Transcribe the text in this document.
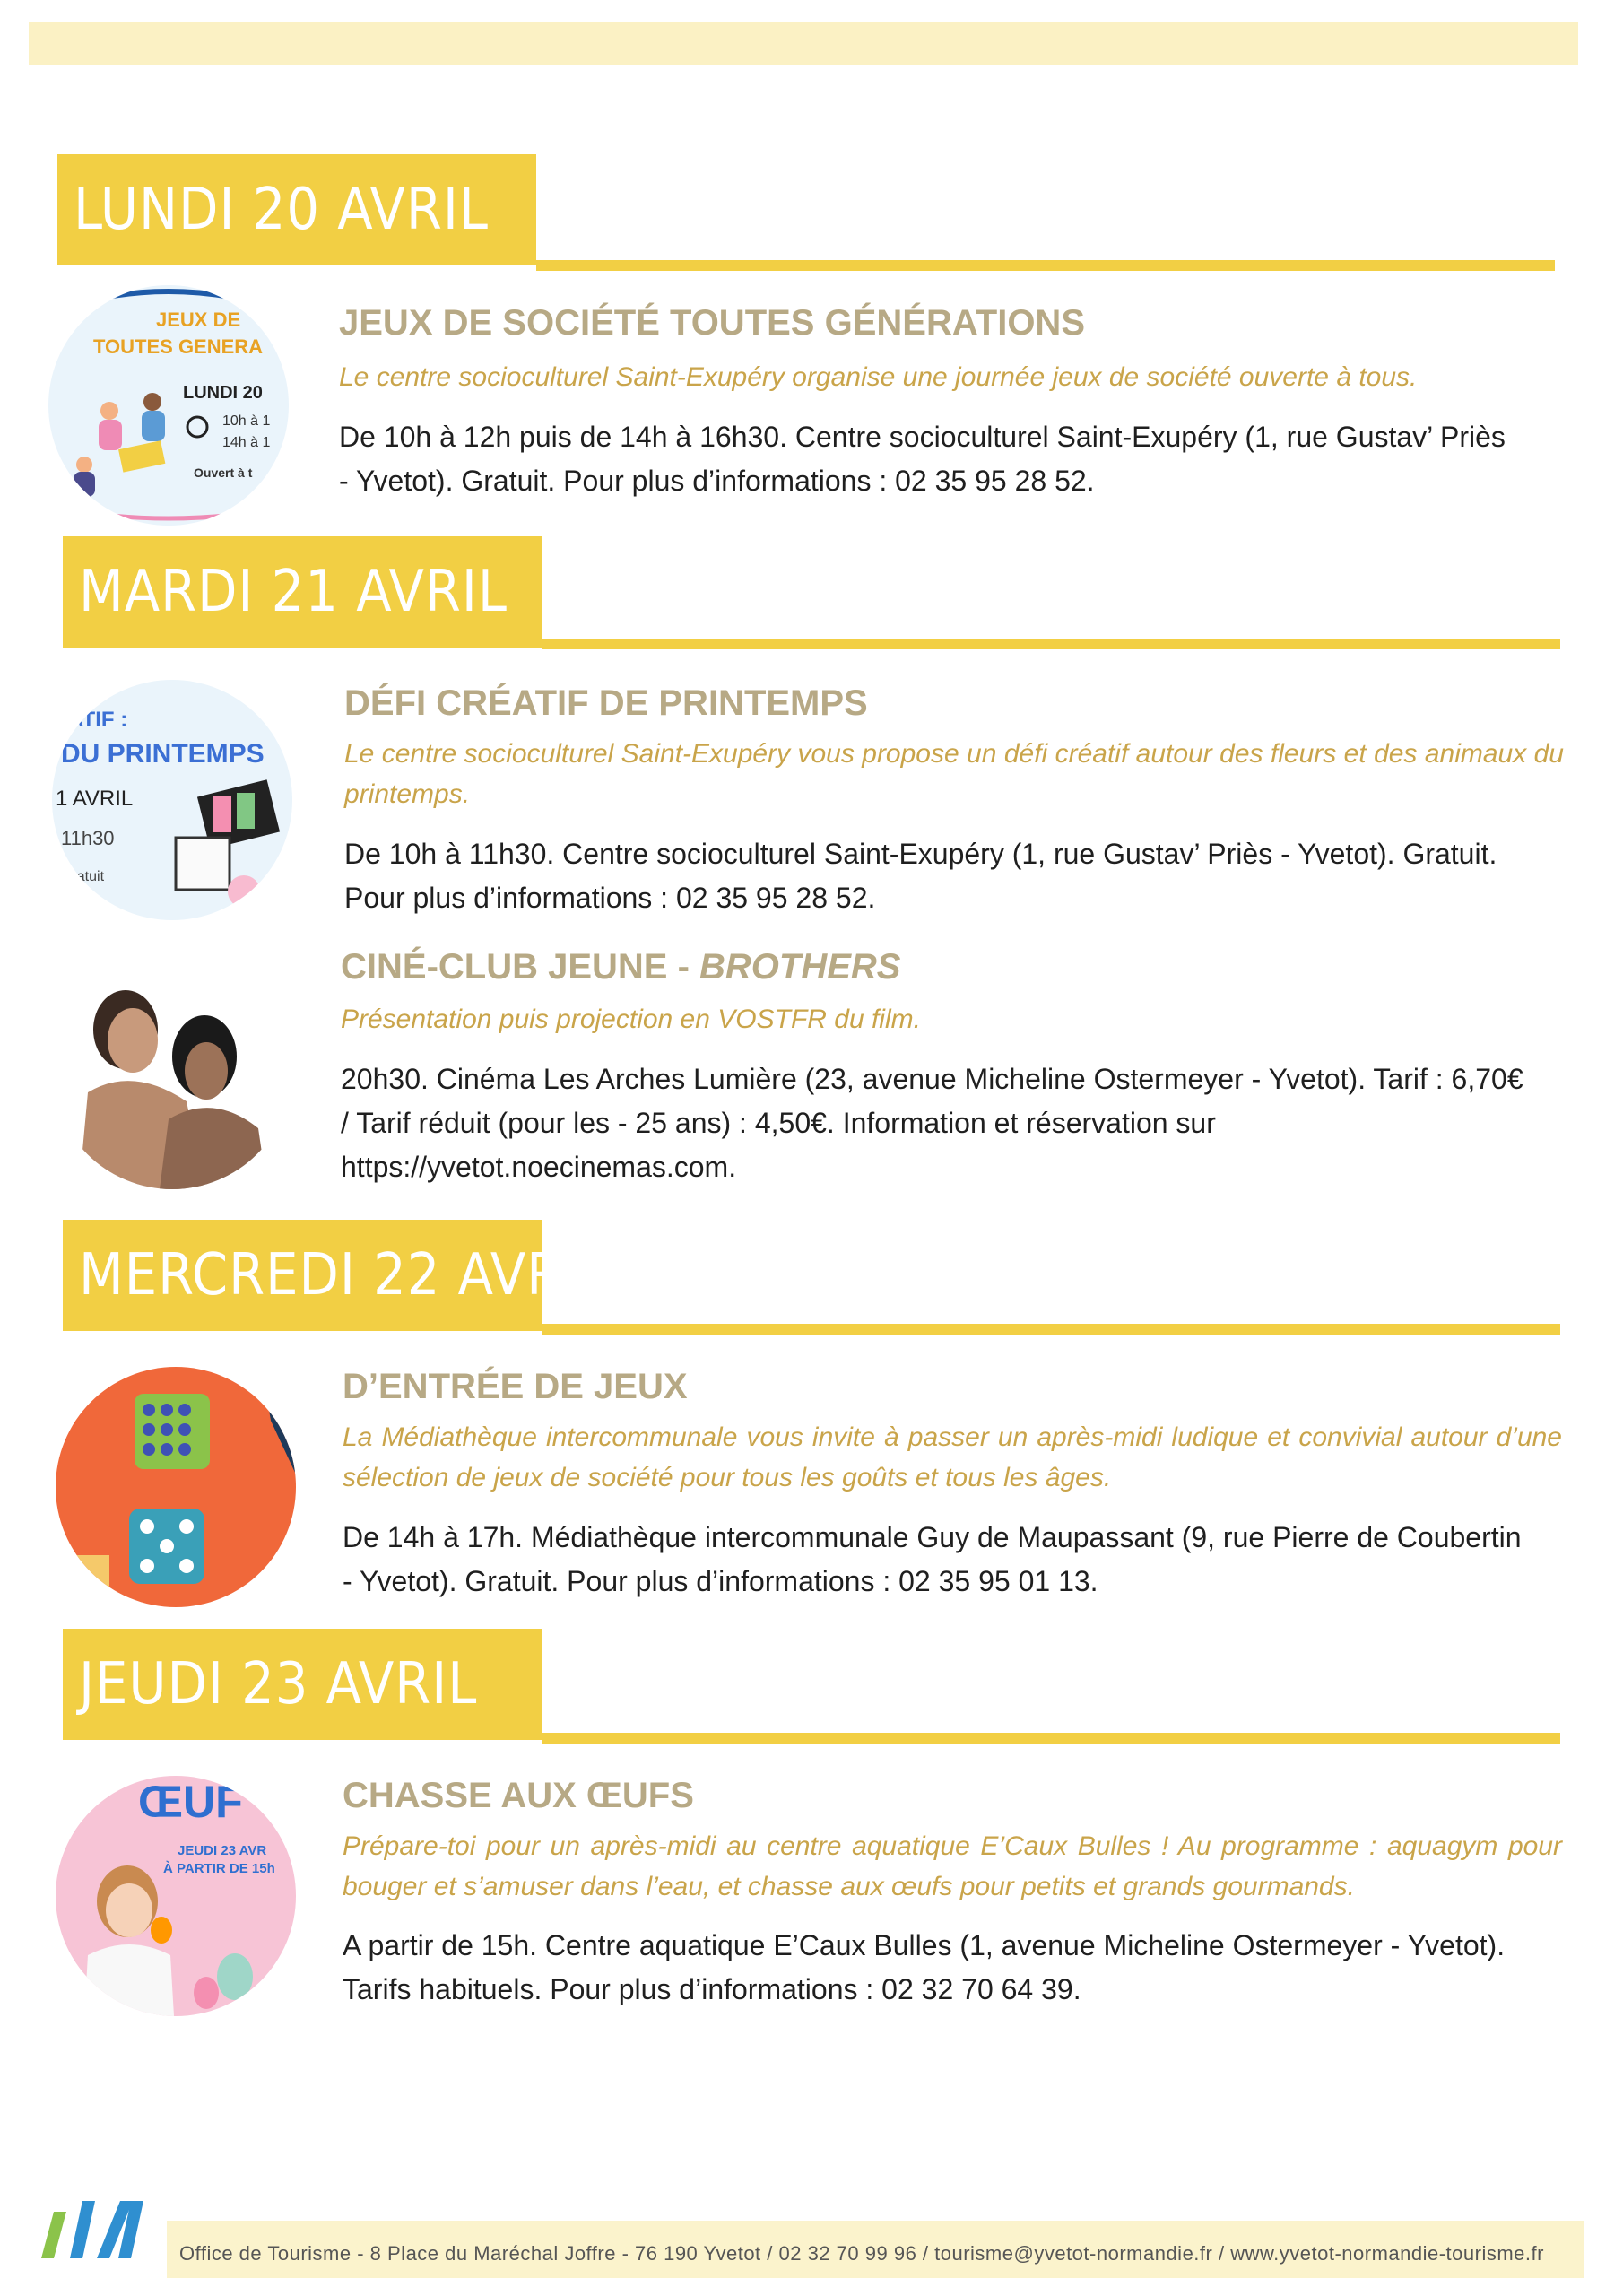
LUNDI 20 AVRIL
JEUX DE
TOUTES GENERA
LUNDI 20
10h à 1
14h à 1
Ouvert à t
JEUX DE SOCIÉTÉ TOUTES GÉNÉRATIONS
Le centre socioculturel Saint-Exupéry organise une journée jeux de société ouverte à tous.
De 10h à 12h puis de 14h à 16h30. Centre socioculturel Saint-Exupéry (1, rue Gustav’ Priès - Yvetot). Gratuit. Pour plus d’informations : 02 35 95 28 52.
MARDI 21 AVRIL
ATIF :
DU PRINTEMPS
1 AVRIL
11h30
Gratuit
DÉFI CRÉATIF DE PRINTEMPS
Le centre socioculturel Saint-Exupéry vous propose un défi créatif autour des fleurs et des animaux du printemps.
De 10h à 11h30. Centre socioculturel Saint-Exupéry (1, rue Gustav’ Priès - Yvetot). Gratuit. Pour plus d’informations : 02 35 95 28 52.
CINÉ-CLUB JEUNE - BROTHERS
Présentation puis projection en VOSTFR du film.
20h30. Cinéma Les Arches Lumière (23, avenue Micheline Ostermeyer - Yvetot). Tarif : 6,70€ / Tarif réduit (pour les - 25 ans) : 4,50€. Information et réservation sur https://yvetot.noecinemas.com.
MERCREDI 22 AVRIL
D’ENTRÉE DE JEUX
La Médiathèque intercommunale vous invite à passer un après-midi ludique et convivial autour d’une sélection de jeux de société pour tous les goûts et tous les âges.
De 14h à 17h. Médiathèque intercommunale Guy de Maupassant (9, rue Pierre de Coubertin - Yvetot). Gratuit. Pour plus d’informations : 02 35 95 01 13.
JEUDI 23 AVRIL
ŒUF
JEUDI 23 AVR
À PARTIR DE 15h
CHASSE AUX ŒUFS
Prépare-toi pour un après-midi au centre aquatique E’Caux Bulles ! Au programme : aquagym pour bouger et s’amuser dans l’eau, et chasse aux œufs pour petits et grands gourmands.
A partir de 15h. Centre aquatique E’Caux Bulles (1, avenue Micheline Ostermeyer - Yvetot). Tarifs habituels. Pour plus d’informations : 02 32 70 64 39.
Office de Tourisme - 8 Place du Maréchal Joffre - 76 190 Yvetot / 02 32 70 99 96 / tourisme@yvetot-normandie.fr / www.yvetot-normandie-tourisme.fr
